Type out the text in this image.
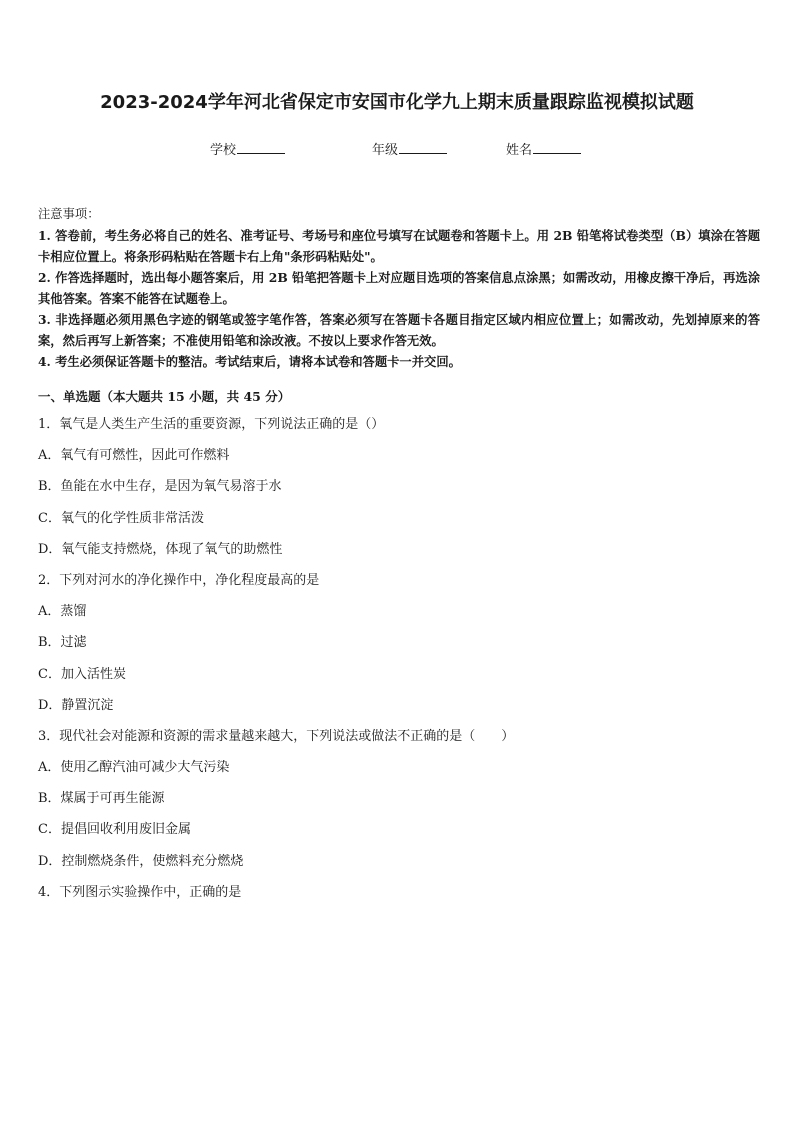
2023-2024学年河北省保定市安国市化学九上期末质量跟踪监视模拟试题
学校	年级	姓名

注意事项：

1. 答卷前，考生务必将自己的姓名、准考证号、考场号和座位号填写在试题卷和答题卡上。用 2B 铅笔将试卷类型（B）填涂在答题卡相应位置上。将条形码粘贴在答题卡右上角"条形码粘贴处"。

2. 作答选择题时，选出每小题答案后，用 2B 铅笔把答题卡上对应题目选项的答案信息点涂黑；如需改动，用橡皮擦干净后，再选涂其他答案。答案不能答在试题卷上。

3. 非选择题必须用黑色字迹的钢笔或签字笔作答，答案必须写在答题卡各题目指定区域内相应位置上；如需改动，先划掉原来的答案，然后再写上新答案；不准使用铅笔和涂改液。不按以上要求作答无效。

4. 考生必须保证答题卡的整洁。考试结束后，请将本试卷和答题卡一并交回。

一、单选题（本大题共 15 小题，共 45 分）
1．氧气是人类生产生活的重要资源，下列说法正确的是（）
A．氧气有可燃性，因此可作燃料
B．鱼能在水中生存，是因为氧气易溶于水
C．氧气的化学性质非常活泼
D．氧气能支持燃烧，体现了氧气的助燃性
2．下列对河水的净化操作中，净化程度最高的是
A．蒸馏
B．过滤
C．加入活性炭
D．静置沉淀
3．现代社会对能源和资源的需求量越来越大，下列说法或做法不正确的是（　　）
A．使用乙醇汽油可减少大气污染
B．煤属于可再生能源
C．提倡回收利用废旧金属
D．控制燃烧条件，使燃料充分燃烧
4．下列图示实验操作中，正确的是
